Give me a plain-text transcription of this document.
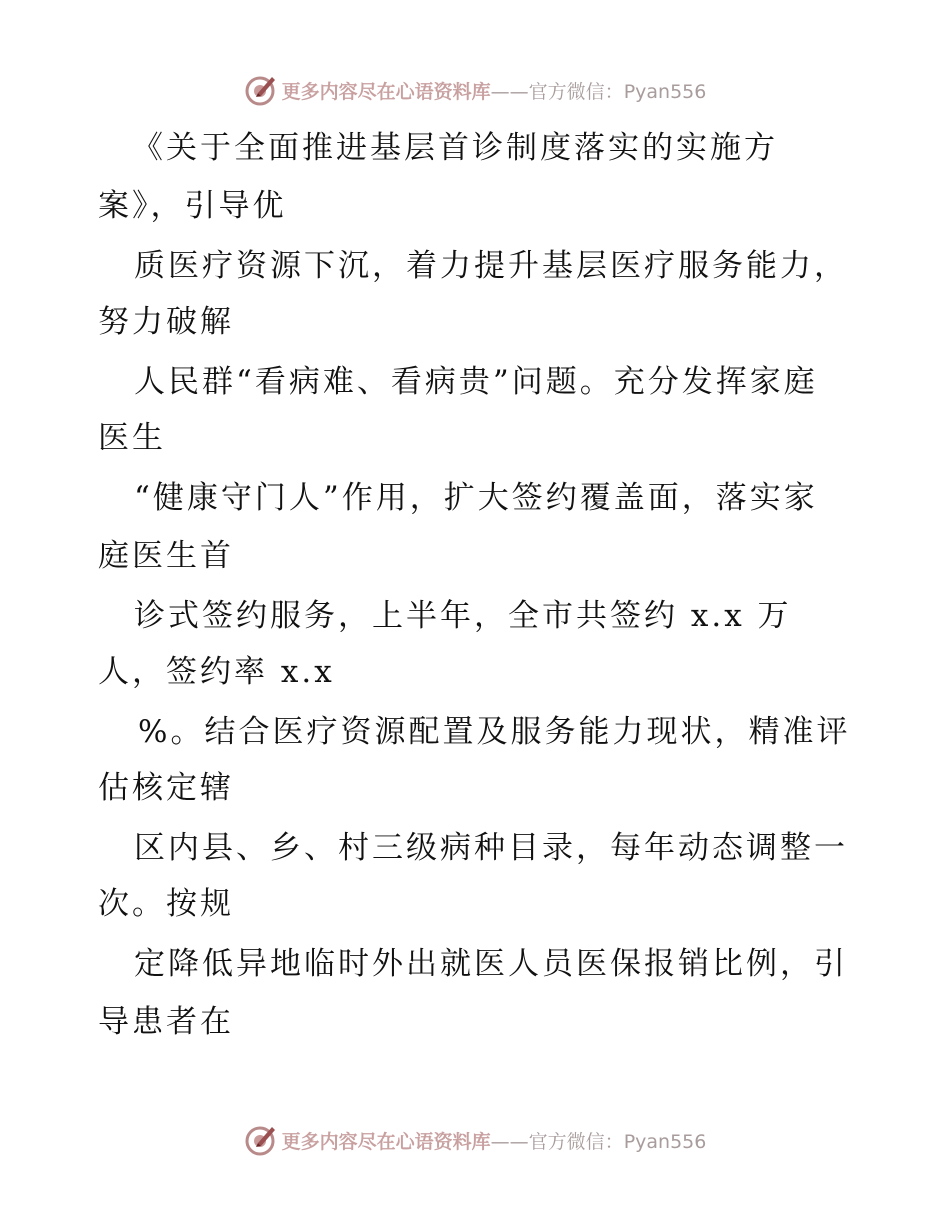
更多内容尽在心语资料库——官方微信：Pyan556
《关于全面推进基层首诊制度落实的实施方
案》，引导优
质医疗资源下沉，着力提升基层医疗服务能力，
努力破解
人民群“看病难、看病贵”问题。充分发挥家庭
医生
“健康守门人”作用，扩大签约覆盖面，落实家
庭医生首
诊式签约服务，上半年，全市共签约 x.x 万
人，签约率 x.x
%。结合医疗资源配置及服务能力现状，精准评
估核定辖
区内县、乡、村三级病种目录，每年动态调整一
次。按规
定降低异地临时外出就医人员医保报销比例，引
导患者在
更多内容尽在心语资料库——官方微信：Pyan556
